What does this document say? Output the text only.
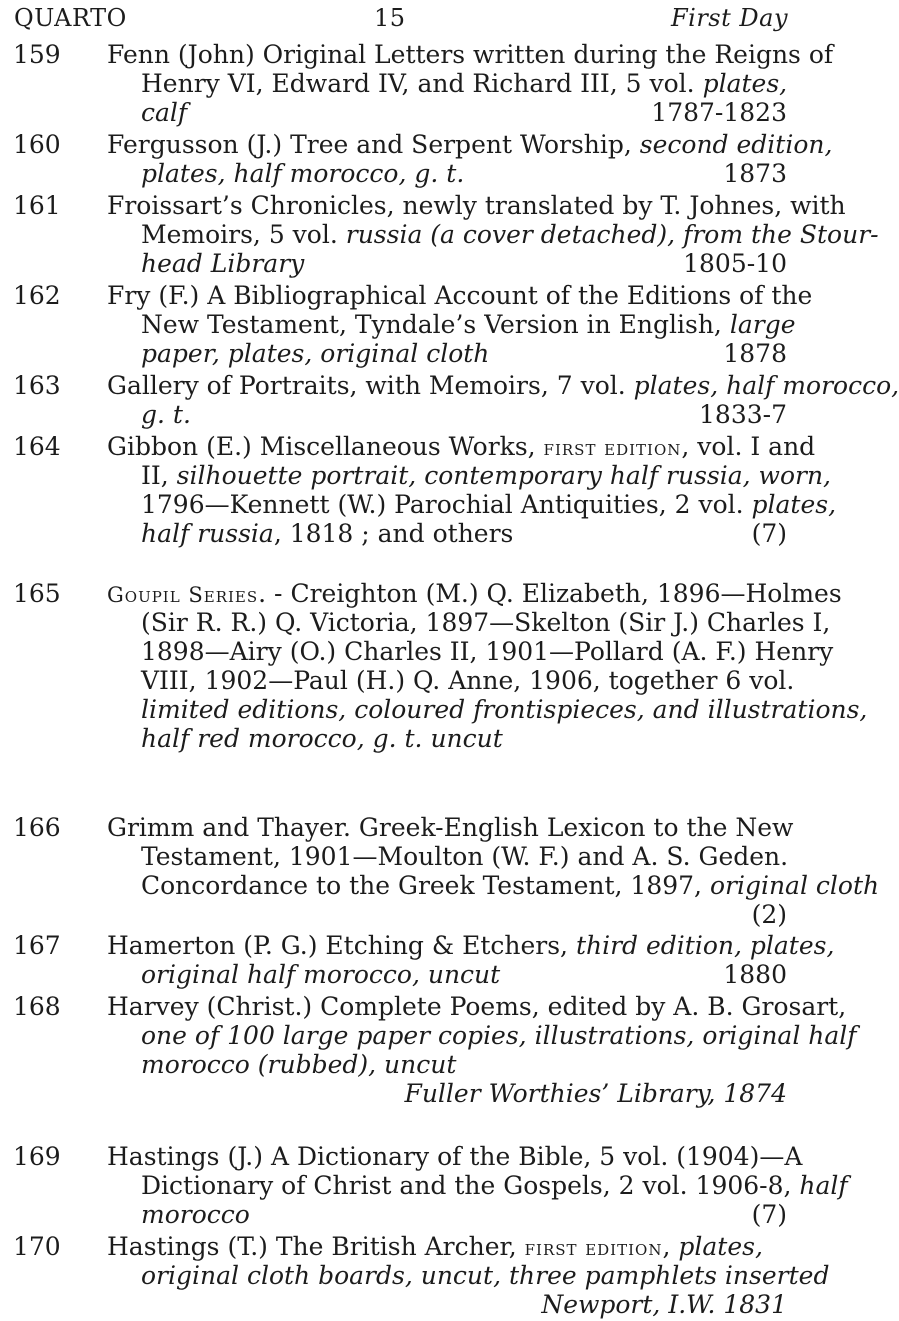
QUARTO	15	First Day
159 Fenn (John) Original Letters written during the Reigns of
Henry VI, Edward IV, and Richard III, 5 vol. plates,
1787-1823
calf
160 Fergusson (J.) Tree and Serpent Worship, second edition,
1873
plates, half morocco, g. t.
161 Froissart’s Chronicles, newly translated by T. Johnes, with
Memoirs, 5 vol. russia (a cover detached), from the Stour-
1805-10
head Library
162 Fry (F.) A Bibliographical Account of the Editions of the
New Testament, Tyndale’s Version in English, large
1878
paper, plates, original cloth
163 Gallery of Portraits, with Memoirs, 7 vol. plates, half morocco,
1833-7
g. t.
164 Gibbon (E.) Miscellaneous Works, first edition, vol. I and
II, silhouette portrait, contemporary half russia, worn,
1796—Kennett (W.) Parochial Antiquities, 2 vol. plates,
(7)
half russia, 1818 ; and others
165 Goupil Series. - Creighton (M.) Q. Elizabeth, 1896—Holmes
(Sir R. R.) Q. Victoria, 1897—Skelton (Sir J.) Charles I,
1898—Airy (O.) Charles II, 1901—Pollard (A. F.) Henry
VIII, 1902—Paul (H.) Q. Anne, 1906, together 6 vol.
limited editions, coloured frontispieces, and illustrations,
half red morocco, g. t. uncut
166 Grimm and Thayer. Greek-English Lexicon to the New
Testament, 1901—Moulton (W. F.) and A. S. Geden.
Concordance to the Greek Testament, 1897, original cloth
(2)
167 Hamerton (P. G.) Etching & Etchers, third edition, plates,
1880
original half morocco, uncut
168 Harvey (Christ.) Complete Poems, edited by A. B. Grosart,
one of 100 large paper copies, illustrations, original half
morocco (rubbed), uncut
Fuller Worthies’ Library, 1874
169 Hastings (J.) A Dictionary of the Bible, 5 vol. (1904)—A
Dictionary of Christ and the Gospels, 2 vol. 1906-8, half
(7)
morocco
170 Hastings (T.) The British Archer, first edition, plates,
original cloth boards, uncut, three pamphlets inserted
Newport, I.W. 1831
